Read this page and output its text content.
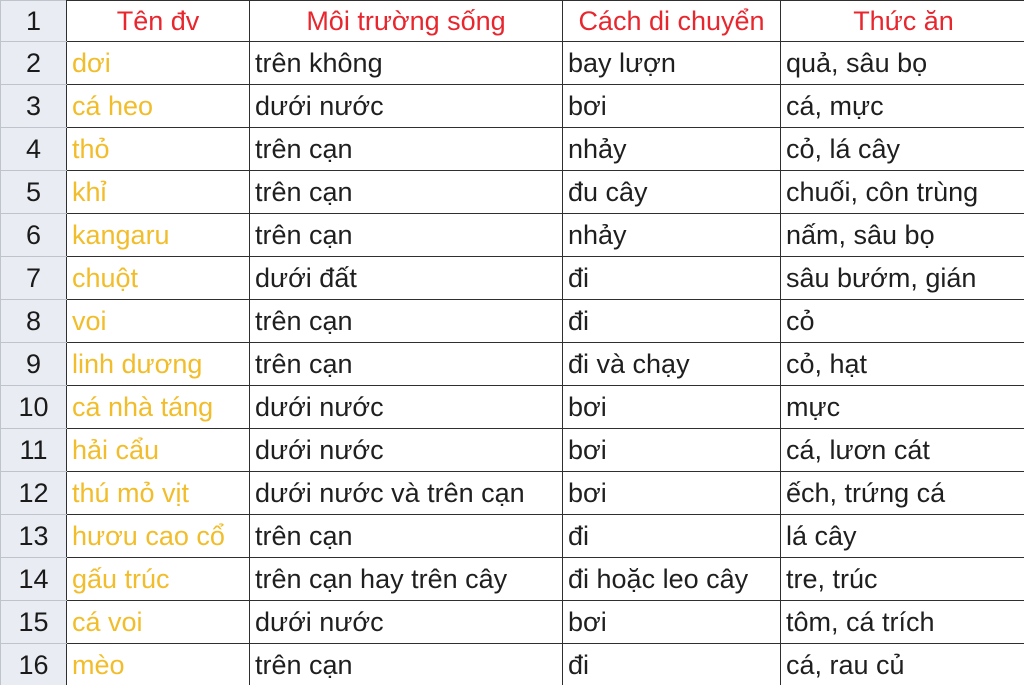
1	Tên đv	Môi trường sống	Cách di chuyển	Thức ăn
2	dơi	trên không	bay lượn	quả, sâu bọ
3	cá heo	dưới nước	bơi	cá, mực
4	thỏ	trên cạn	nhảy	cỏ, lá cây
5	khỉ	trên cạn	đu cây	chuối, côn trùng
6	kangaru	trên cạn	nhảy	nấm, sâu bọ
7	chuột	dưới đất	đi	sâu bướm, gián
8	voi	trên cạn	đi	cỏ
9	linh dương	trên cạn	đi và chạy	cỏ, hạt
10	cá nhà táng	dưới nước	bơi	mực
11	hải cẩu	dưới nước	bơi	cá, lươn cát
12	thú mỏ vịt	dưới nước và trên cạn	bơi	ếch, trứng cá
13	hươu cao cổ	trên cạn	đi	lá cây
14	gấu trúc	trên cạn hay trên cây	đi hoặc leo cây	tre, trúc
15	cá voi	dưới nước	bơi	tôm, cá trích
16	mèo	trên cạn	đi	cá, rau củ
